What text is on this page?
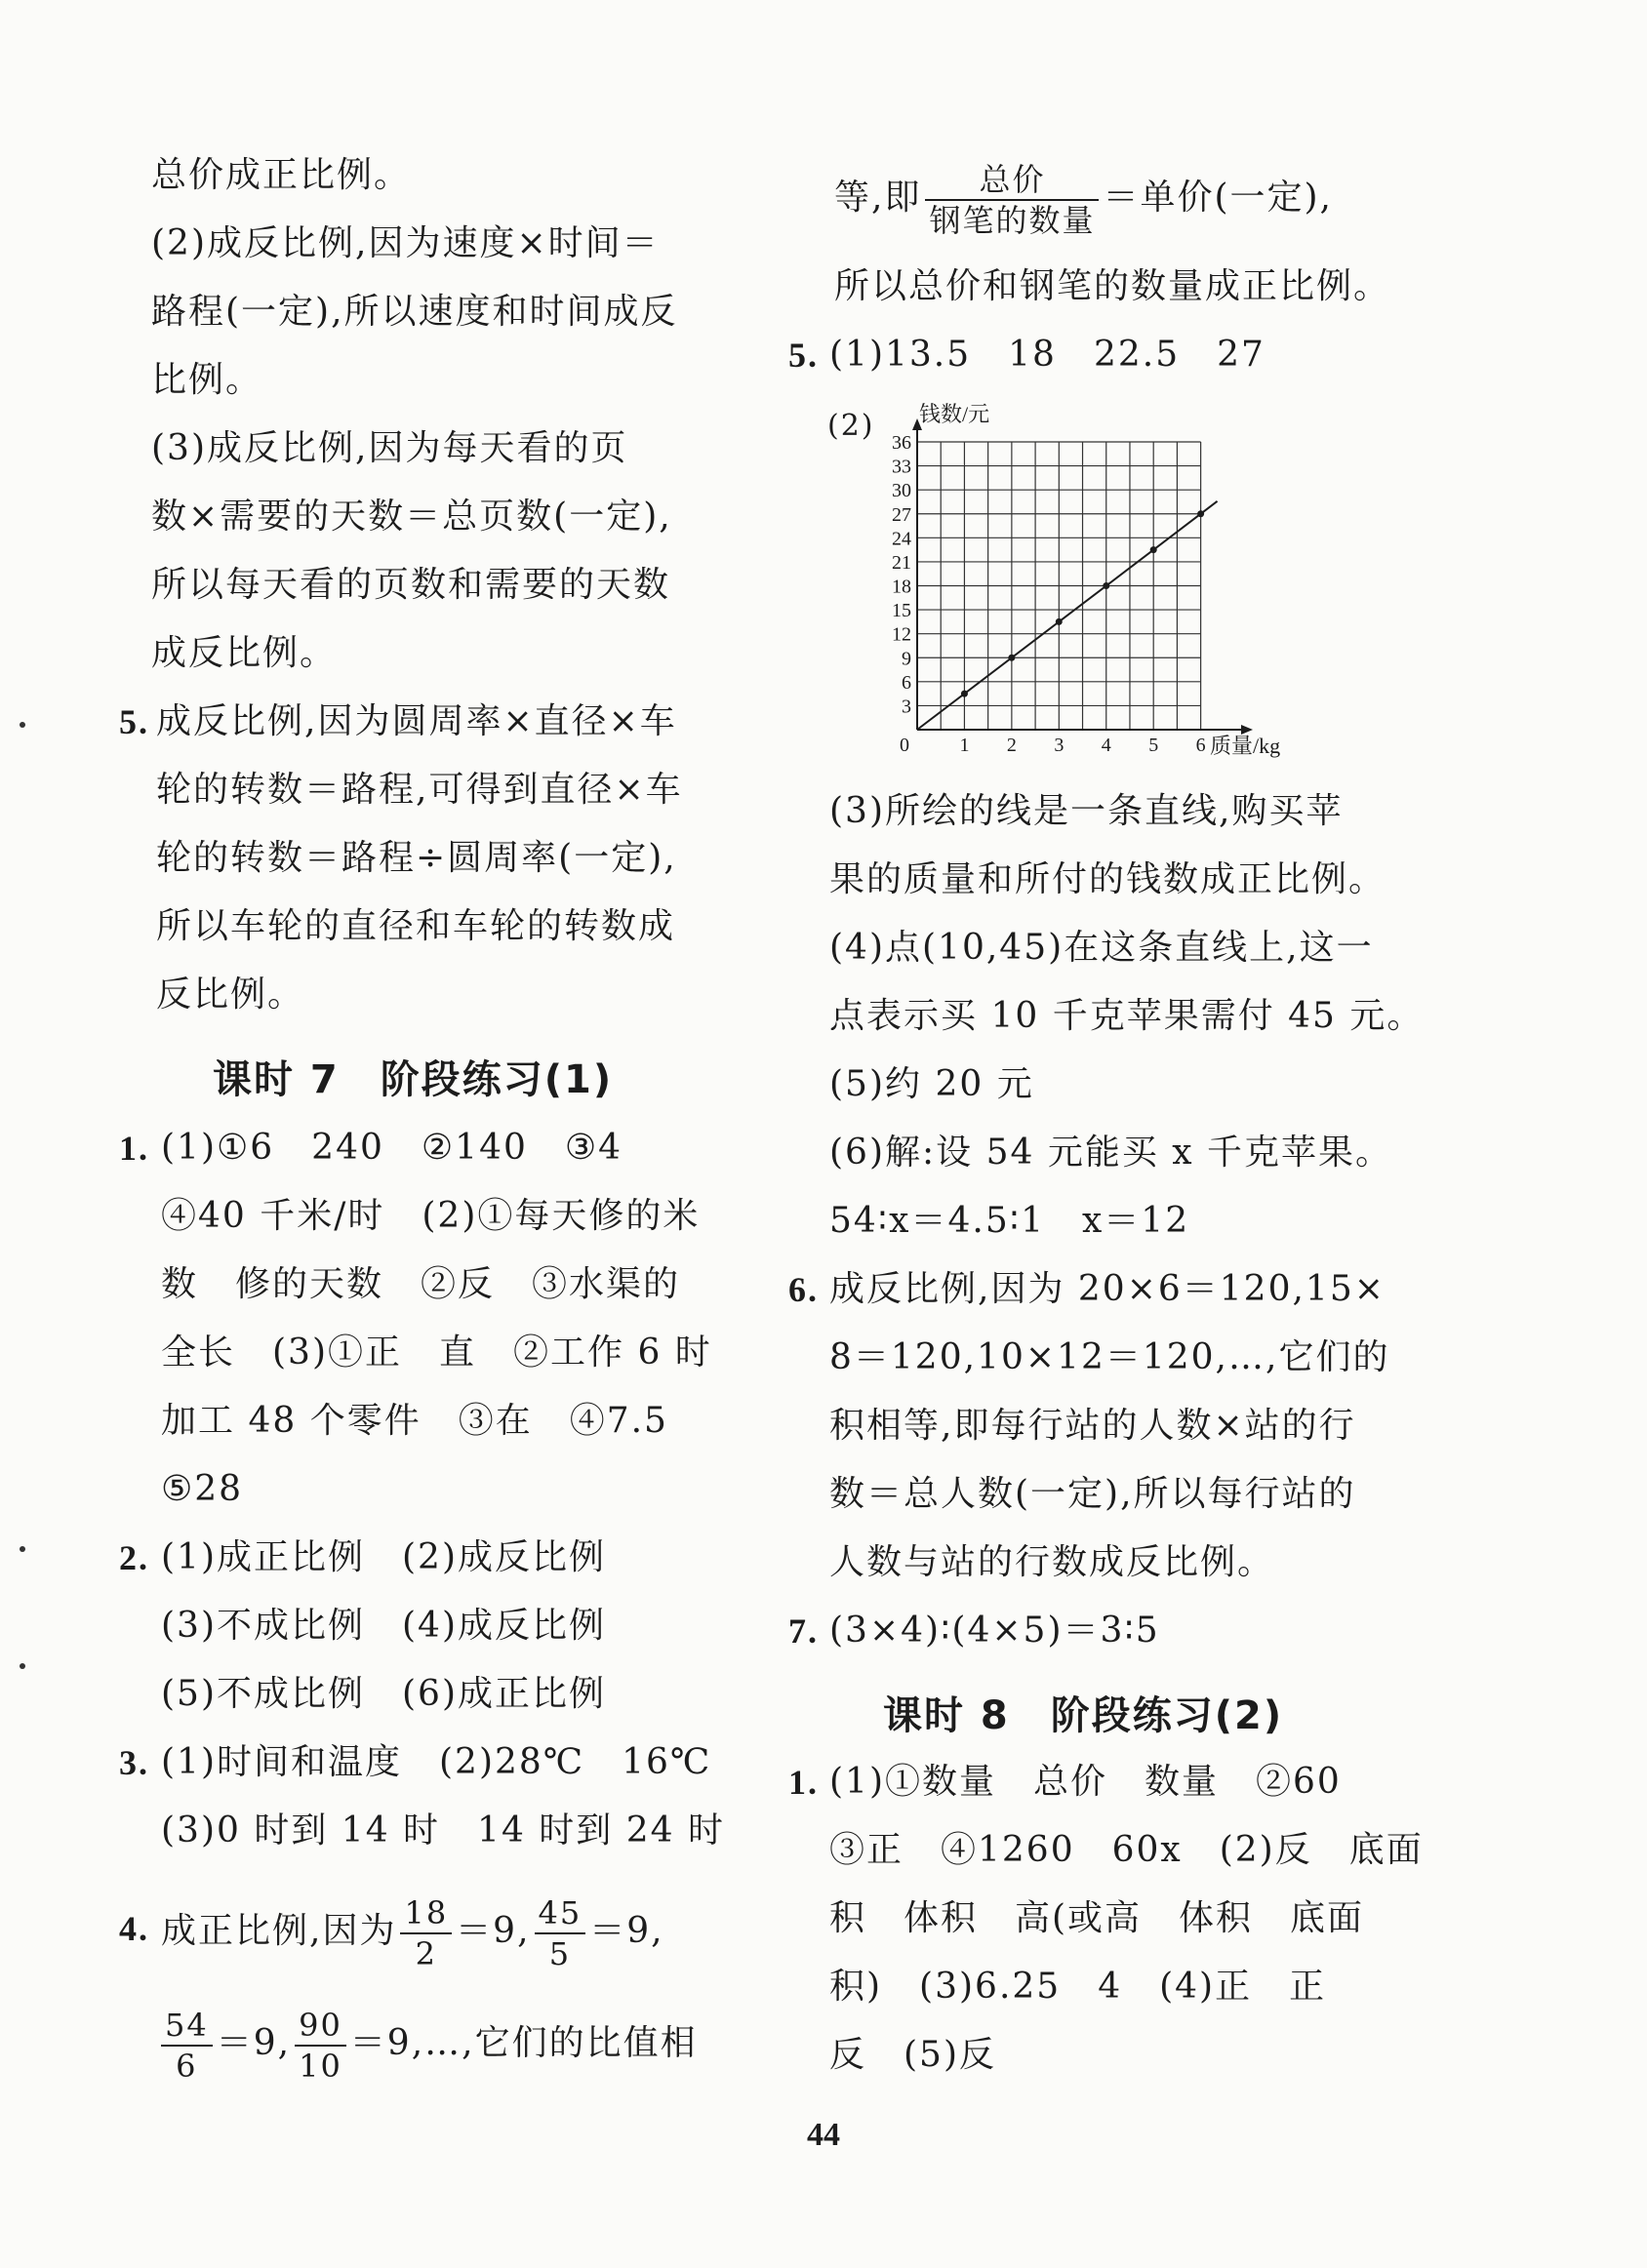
总价成正比例。
(2)成反比例,因为速度×时间＝
路程(一定),所以速度和时间成反
比例。
(3)成反比例,因为每天看的页
数×需要的天数＝总页数(一定),
所以每天看的页数和需要的天数
成反比例。
5. 成反比例,因为圆周率×直径×车
轮的转数＝路程,可得到直径×车
轮的转数＝路程÷圆周率(一定),
所以车轮的直径和车轮的转数成
反比例。
课时 7　阶段练习(1)
1. (1)①6　240　②140　③4
④40 千米/时　(2)①每天修的米
数　修的天数　②反　③水渠的
全长　(3)①正　直　②工作 6 时
加工 48 个零件　③在　④7.5
⑤28
2. (1)成正比例　(2)成反比例
(3)不成比例　(4)成反比例
(5)不成比例　(6)成正比例
3. (1)时间和温度　(2)28℃　16℃
(3)0 时到 14 时　14 时到 24 时
4. 成正比例,因为 $\frac{18}{2} =9$, $\frac{45}{5} =9$,
$\frac{54}{6} =9$, $\frac{90}{10}$ ＝9,…,它们的比值相
等,即 $\frac{\text{总价}}{\text{钢笔的数量}}$ ＝单价(一定),
所以总价和钢笔的数量成正比例。
5. (1)13.5　18　22.5　27
(2)
0	1 2 3 4 5 6
3
6
9
12
15
18
21
24
27
30
33
36
钱数/元
质量/kg
(3)所绘的线是一条直线,购买苹
果的质量和所付的钱数成正比例。
(4)点(10,45)在这条直线上,这一
点表示买 10 千克苹果需付 45 元。
(5)约 20 元
(6)解:设 54 元能买 x 千克苹果。
54∶x＝4.5∶1　x＝12
6. 成反比例,因为 20×6＝120,15×
8＝120,10×12＝120,…,它们的
积相等,即每行站的人数×站的行
数＝总人数(一定),所以每行站的
人数与站的行数成反比例。
7. (3×4)∶(4×5)＝3∶5
课时 8　阶段练习(2)
1. (1)①数量　总价　数量　②60
③正　④1260　60x　(2)反　底面
积　体积　高(或高　体积　底面
积)　(3)6.25　4　(4)正　正
反　(5)反
44
